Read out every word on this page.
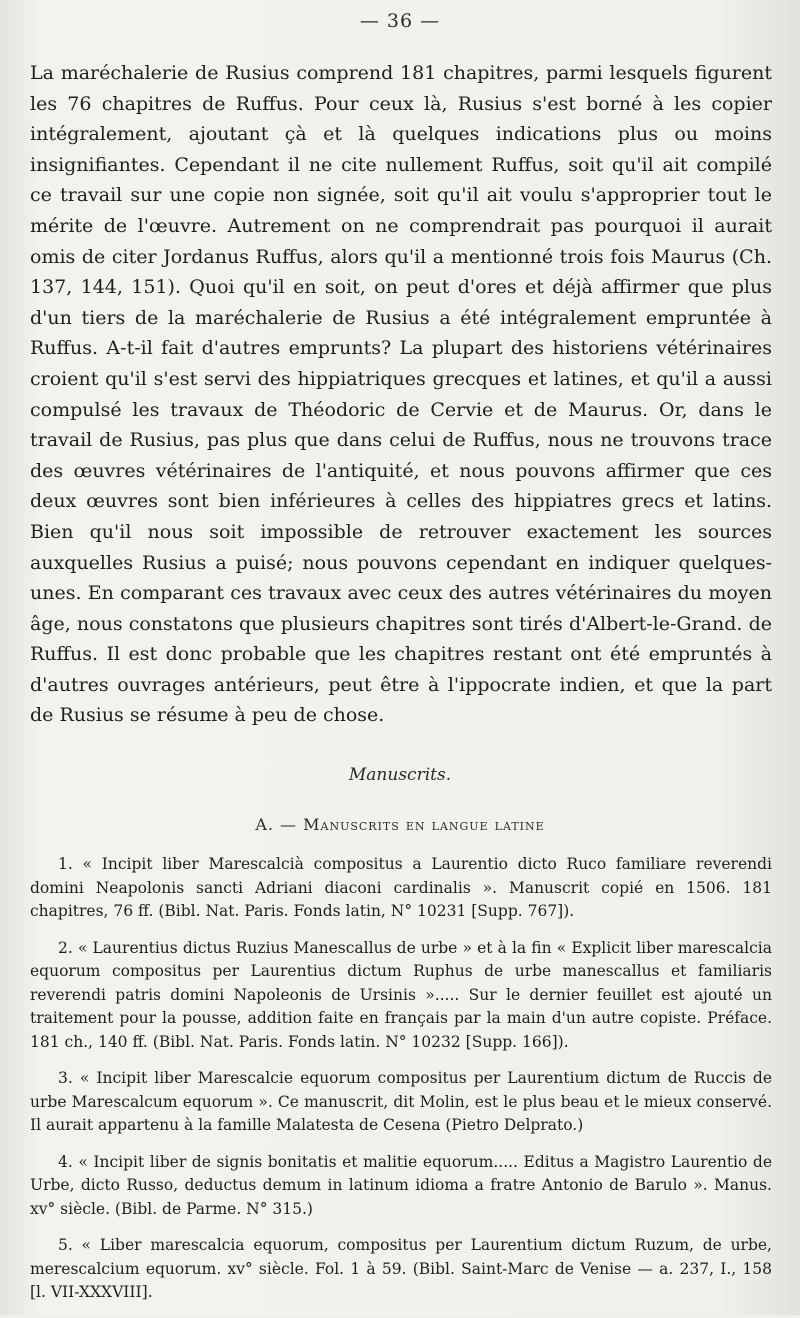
— 36 —

La maréchalerie de Rusius comprend 181 chapitres, parmi lesquels figurent les 76 chapitres de Ruffus. Pour ceux là, Rusius s'est borné à les copier intégralement, ajoutant çà et là quelques indications plus ou moins insignifiantes. Cependant il ne cite nullement Ruffus, soit qu'il ait compilé ce travail sur une copie non signée, soit qu'il ait voulu s'approprier tout le mérite de l'œuvre. Autrement on ne comprendrait pas pourquoi il aurait omis de citer Jordanus Ruffus, alors qu'il a mentionné trois fois Maurus (Ch. 137, 144, 151). Quoi qu'il en soit, on peut d'ores et déjà affirmer que plus d'un tiers de la maréchalerie de Rusius a été intégralement empruntée à Ruffus. A-t-il fait d'autres emprunts? La plupart des historiens vétérinaires croient qu'il s'est servi des hippiatriques grecques et latines, et qu'il a aussi compulsé les travaux de Théodoric de Cervie et de Maurus. Or, dans le travail de Rusius, pas plus que dans celui de Ruffus, nous ne trouvons trace des œuvres vétérinaires de l'antiquité, et nous pouvons affirmer que ces deux œuvres sont bien inférieures à celles des hippiatres grecs et latins. Bien qu'il nous soit impossible de retrouver exactement les sources auxquelles Rusius a puisé; nous pouvons cependant en indiquer quelques-unes. En comparant ces travaux avec ceux des autres vétérinaires du moyen âge, nous constatons que plusieurs chapitres sont tirés d'Albert-le-Grand. de Ruffus. Il est donc probable que les chapitres restant ont été empruntés à d'autres ouvrages antérieurs, peut être à l'ippocrate indien, et que la part de Rusius se résume à peu de chose.

Manuscrits.
A. — Manuscrits en langue latine

1. « Incipit liber Marescalcià compositus a Laurentio dicto Ruco familiare reverendi domini Neapolonis sancti Adriani diaconi cardinalis ». Manuscrit copié en 1506. 181 chapitres, 76 ff. (Bibl. Nat. Paris. Fonds latin, N° 10231 [Supp. 767]).

2. « Laurentius dictus Ruzius Manescallus de urbe » et à la fin « Explicit liber marescalcia equorum compositus per Laurentius dictum Ruphus de urbe manescallus et familiaris reverendi patris domini Napoleonis de Ursinis »..... Sur le dernier feuillet est ajouté un traitement pour la pousse, addition faite en français par la main d'un autre copiste. Préface. 181 ch., 140 ff. (Bibl. Nat. Paris. Fonds latin. N° 10232 [Supp. 166]).

3. « Incipit liber Marescalcie equorum compositus per Laurentium dictum de Ruccis de urbe Marescalcum equorum ». Ce manuscrit, dit Molin, est le plus beau et le mieux conservé. Il aurait appartenu à la famille Malatesta de Cesena (Pietro Delprato.)

4. « Incipit liber de signis bonitatis et malitie equorum..... Editus a Magistro Laurentio de Urbe, dicto Russo, deductus demum in latinum idioma a fratre Antonio de Barulo ». Manus. xv° siècle. (Bibl. de Parme. N° 315.)

5. « Liber marescalcia equorum, compositus per Laurentium dictum Ruzum, de urbe, merescalcium equorum. xv° siècle. Fol. 1 à 59. (Bibl. Saint-Marc de Venise — a. 237, I., 158 [l. VII-XXXVIII].
